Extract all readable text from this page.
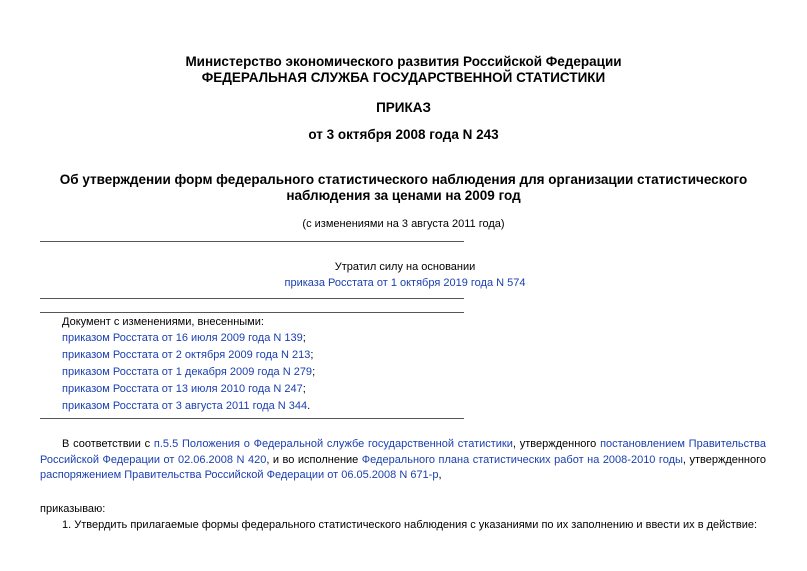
Министерство экономического развития Российской Федерации
ФЕДЕРАЛЬНАЯ СЛУЖБА ГОСУДАРСТВЕННОЙ СТАТИСТИКИ
ПРИКАЗ
от 3 октября 2008 года N 243
Об утверждении форм федерального статистического наблюдения для организации статистического
наблюдения за ценами на 2009 год
(с изменениями на 3 августа 2011 года)
Утратил силу на основании
приказа Росстата от 1 октября 2019 года N 574
Документ с изменениями, внесенными:
приказом Росстата от 16 июля 2009 года N 139;
приказом Росстата от 2 октября 2009 года N 213;
приказом Росстата от 1 декабря 2009 года N 279;
приказом Росстата от 13 июля 2010 года N 247;
приказом Росстата от 3 августа 2011 года N 344.
В соответствии с п.5.5 Положения о Федеральной службе государственной статистики, утвержденного постановлением Правительства Российской Федерации от 02.06.2008 N 420, и во исполнение Федерального плана статистических работ на 2008-2010 годы, утвержденного распоряжением Правительства Российской Федерации от 06.05.2008 N 671-р,
приказываю:
1. Утвердить прилагаемые формы федерального статистического наблюдения с указаниями по их заполнению и ввести их в действие:
